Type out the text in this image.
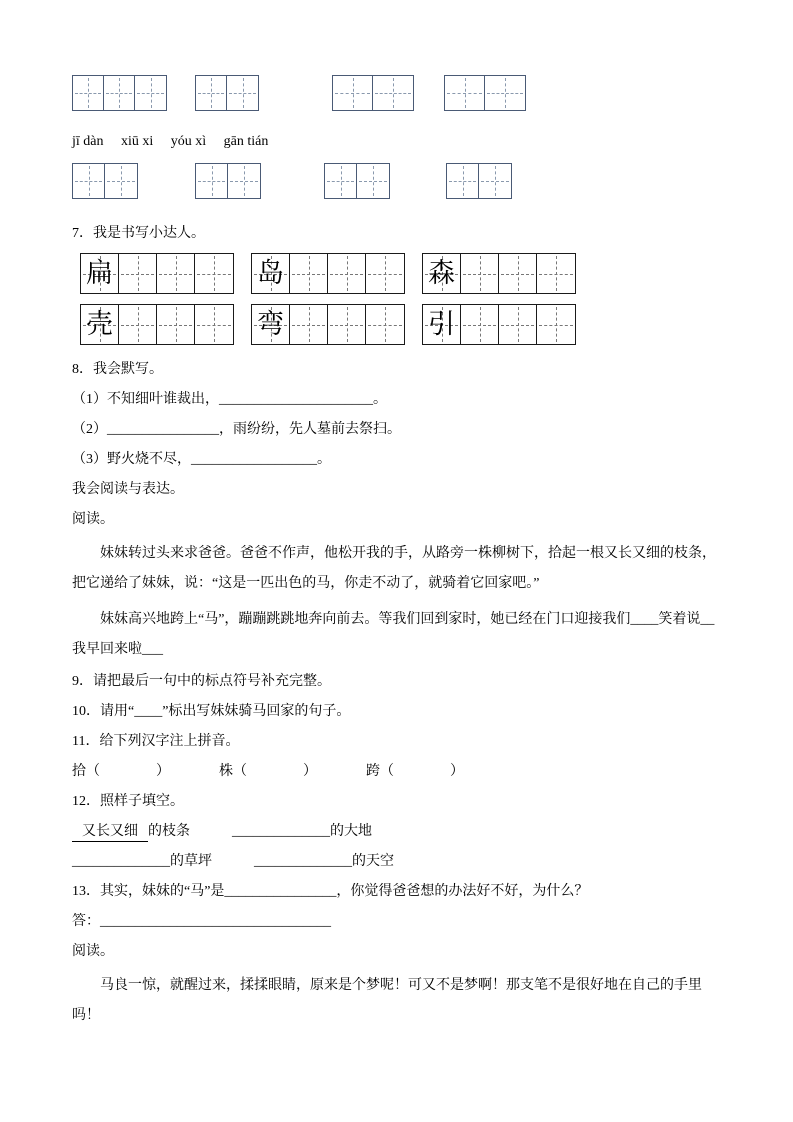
jī dàn     xiū xi     yóu xì     gān tián
7．我是书写小达人。
扁	岛	森
壳	弯	引
8．我会默写。
（1）不知细叶谁裁出，______________________。
（2）________________，雨纷纷，先人墓前去祭扫。
（3）野火烧不尽，__________________。
我会阅读与表达。
阅读。

妹妹转过头来求爸爸。爸爸不作声，他松开我的手，从路旁一株柳树下，拾起一根又长又细的枝条，把它递给了妹妹，说：“这是一匹出色的马，你走不动了，就骑着它回家吧。”

妹妹高兴地跨上“马”，蹦蹦跳跳地奔向前去。等我们回到家时，她已经在门口迎接我们____笑着说__我早回来啦___

9．请把最后一句中的标点符号补充完整。
10．请用“____”标出写妹妹骑马回家的句子。
11．给下列汉字注上拼音。
拾（                ）              株（                ）              跨（                ）
12．照样子填空。
又长又细 的枝条	______________的大地
______________的草坪	______________的天空
13．其实，妹妹的“马”是________________，你觉得爸爸想的办法好不好，为什么？
答：_________________________________
阅读。

马良一惊，就醒过来，揉揉眼睛，原来是个梦呢！可又不是梦啊！那支笔不是很好地在自己的手里吗！
